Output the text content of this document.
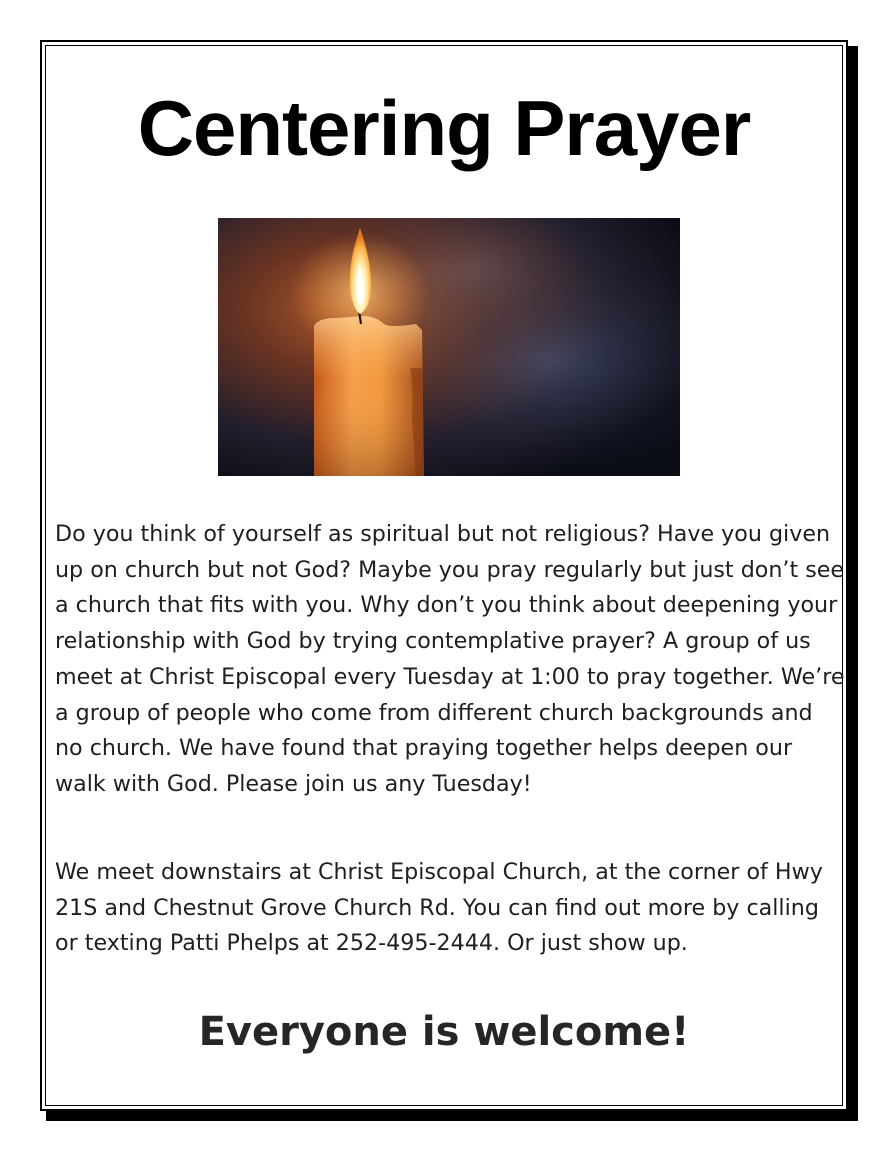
Centering Prayer

Do you think of yourself as spiritual but not religious? Have you given up on church but not God? Maybe you pray regularly but just don’t see a church that fits with you. Why don’t you think about deepening your relationship with God by trying contemplative prayer? A group of us meet at Christ Episcopal every Tuesday at 1:00 to pray together. We’re a group of people who come from different church backgrounds and no church. We have found that praying together helps deepen our walk with God. Please join us any Tuesday!

We meet downstairs at Christ Episcopal Church, at the corner of Hwy 21S and Chestnut Grove Church Rd. You can find out more by calling or texting Patti Phelps at 252-495-2444. Or just show up.

Everyone is welcome!
